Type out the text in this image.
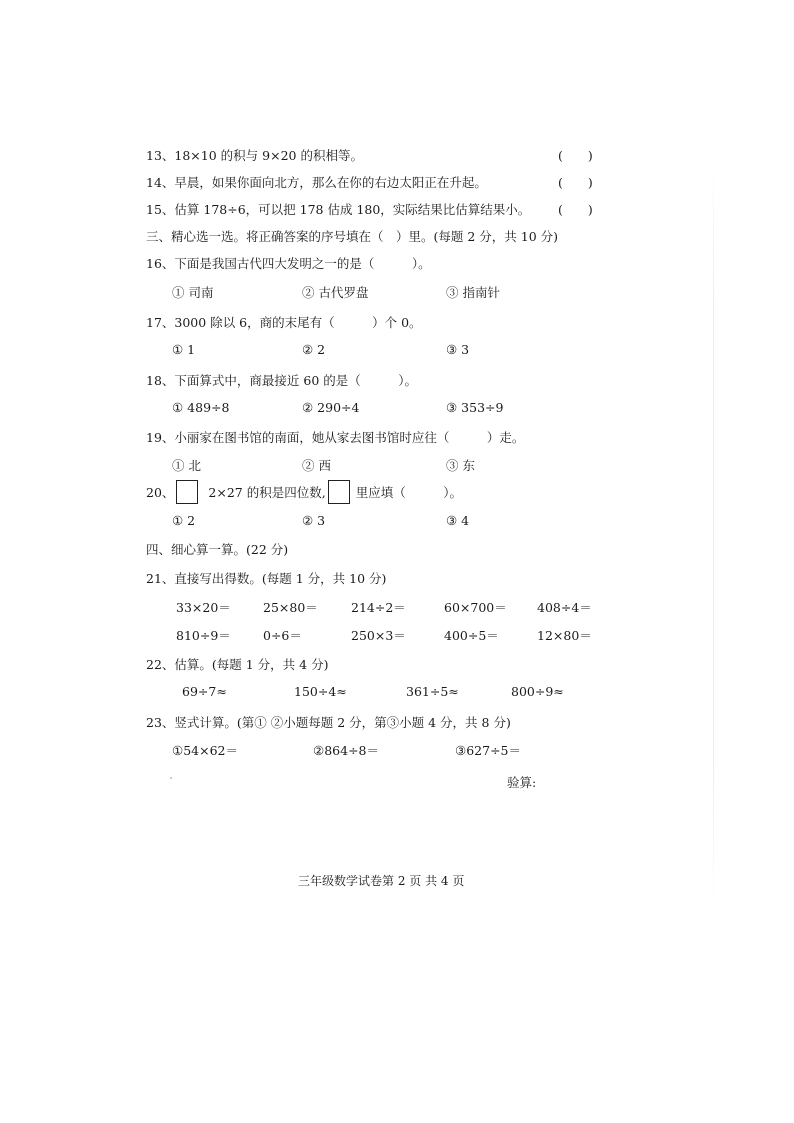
13、18×10 的积与 9×20 的积相等。	(　　)
14、早晨，如果你面向北方，那么在你的右边太阳正在升起。	(　　)
15、估算 178÷6，可以把 178 估成 180，实际结果比估算结果小。 (　　)
三、精心选一选。将正确答案的序号填在（　）里。(每题 2 分，共 10 分)
16、下面是我国古代四大发明之一的是（　　　）。
① 司南	② 古代罗盘	③ 指南针
17、3000 除以 6，商的末尾有（　　　）个 0。
① 1	② 2	③ 3
18、下面算式中，商最接近 60 的是（　　　）。
① 489÷8	② 290÷4	③ 353÷9
19、小丽家在图书馆的南面，她从家去图书馆时应往（　　　）走。
① 北	② 西	③ 东
20、	2×27 的积是四位数, 里应填（　　　）。
① 2	② 3	③ 4
四、细心算一算。(22 分)
21、直接写出得数。(每题 1 分，共 10 分)
33×20＝	25×80＝	214÷2＝	60×700＝ 408÷4＝
810÷9＝	0÷6＝	250×3＝	400÷5＝	12×80＝
22、估算。(每题 1 分，共 4 分)
69÷7≈	150÷4≈	361÷5≈	800÷9≈
23、竖式计算。(第① ②小题每题 2 分，第③小题 4 分，共 8 分)
①54×62＝	②864÷8＝	③627÷5＝
验算:
三年级数学试卷第 2 页 共 4 页
